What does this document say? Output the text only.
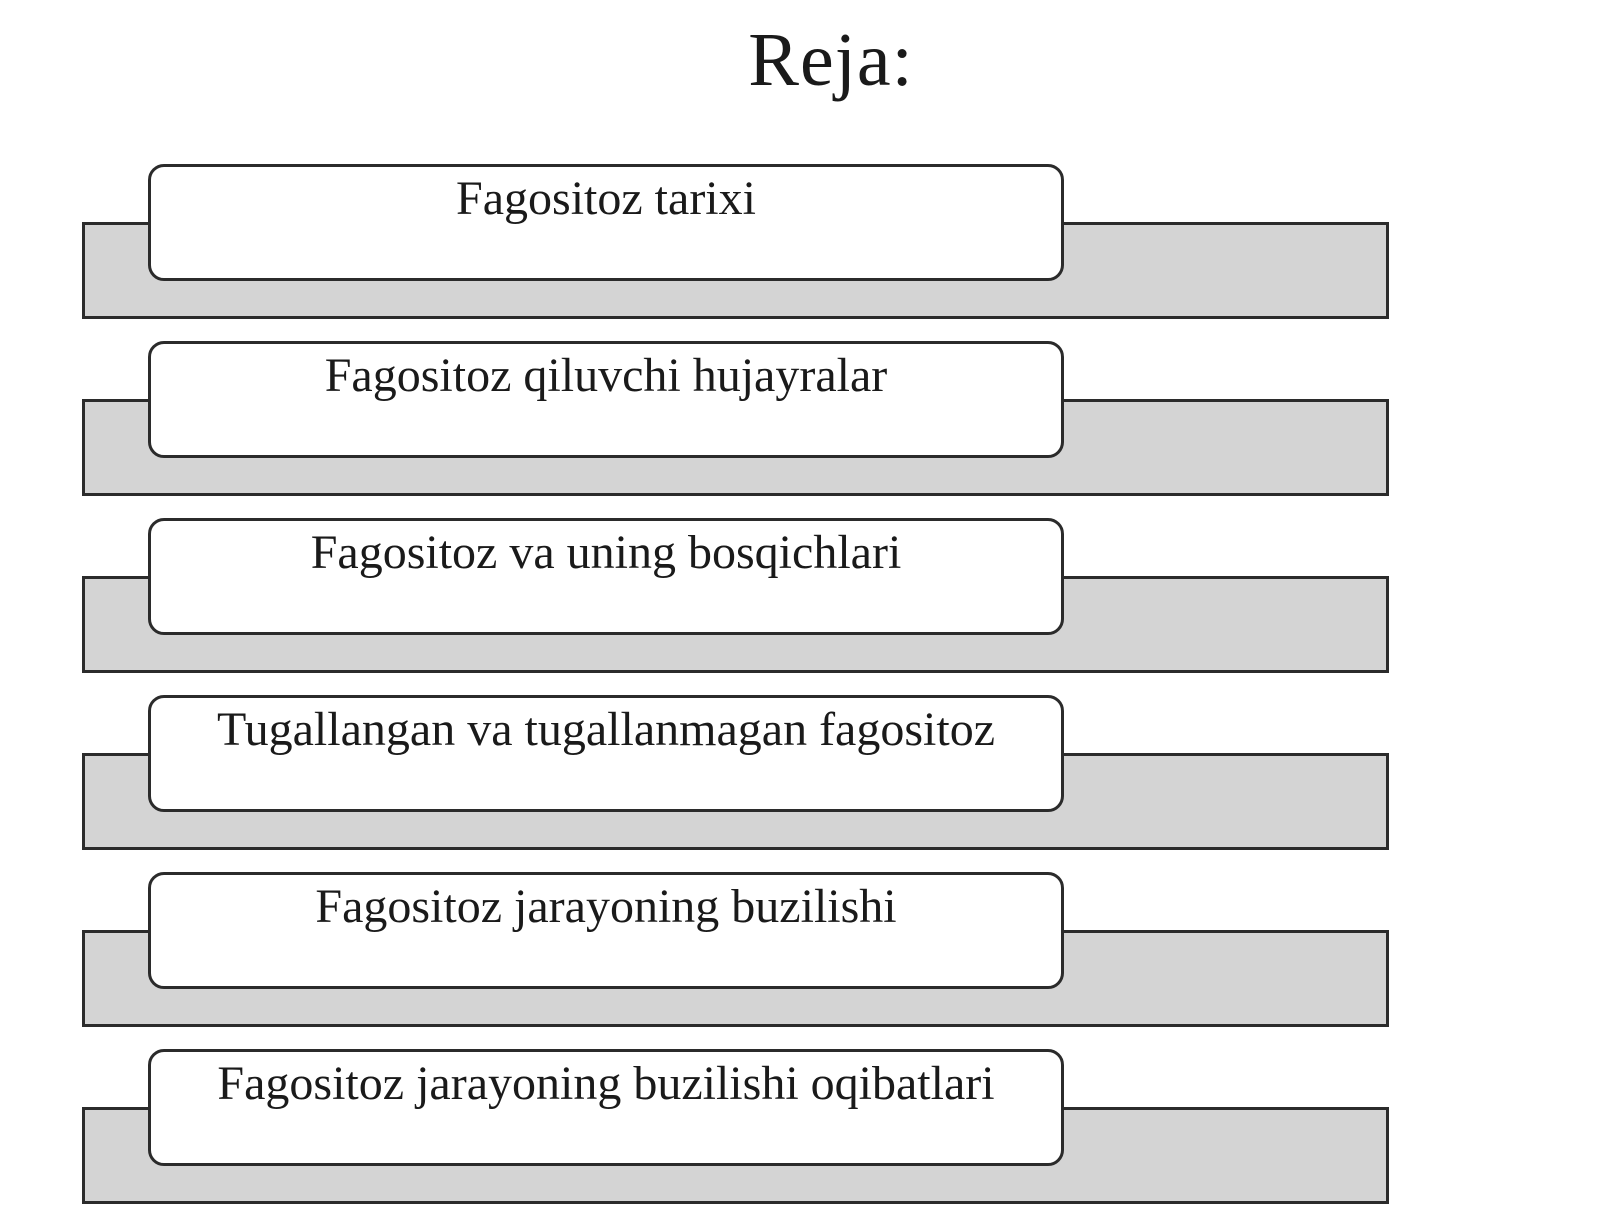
Reja:
Fagositoz tarixi
Fagositoz qiluvchi hujayralar
Fagositoz va uning bosqichlari
Tugallangan va tugallanmagan fagositoz
Fagositoz jarayoning buzilishi
Fagositoz jarayoning buzilishi oqibatlari
